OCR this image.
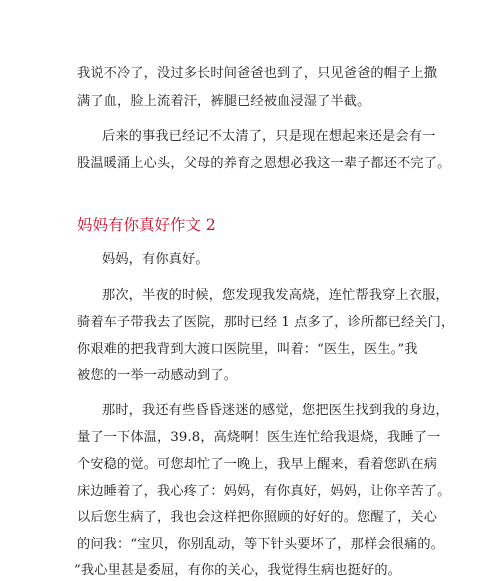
我说不冷了，没过多长时间爸爸也到了，只见爸爸的帽子上撒
满了血，脸上流着汗，裤腿已经被血浸湿了半截。
后来的事我已经记不太清了，只是现在想起来还是会有一
股温暖涌上心头，父母的养育之恩想必我这一辈子都还不完了。
妈妈有你真好作文 2
妈妈，有你真好。
那次，半夜的时候，您发现我发高烧，连忙帮我穿上衣服，
骑着车子带我去了医院，那时已经 1 点多了，诊所都已经关门，
你艰难的把我背到大渡口医院里，叫着：“医生，医生。”我
被您的一举一动感动到了。
那时，我还有些昏昏迷迷的感觉，您把医生找到我的身边，
量了一下体温，39.8，高烧啊！医生连忙给我退烧，我睡了一
个安稳的觉。可您却忙了一晚上，我早上醒来，看着您趴在病
床边睡着了，我心疼了：妈妈，有你真好，妈妈，让你辛苦了。
以后您生病了，我也会这样把你照顾的好好的。您醒了，关心
的问我：“宝贝，你别乱动，等下针头要坏了，那样会很痛的。
”我心里甚是委屈，有你的关心，我觉得生病也挺好的。
